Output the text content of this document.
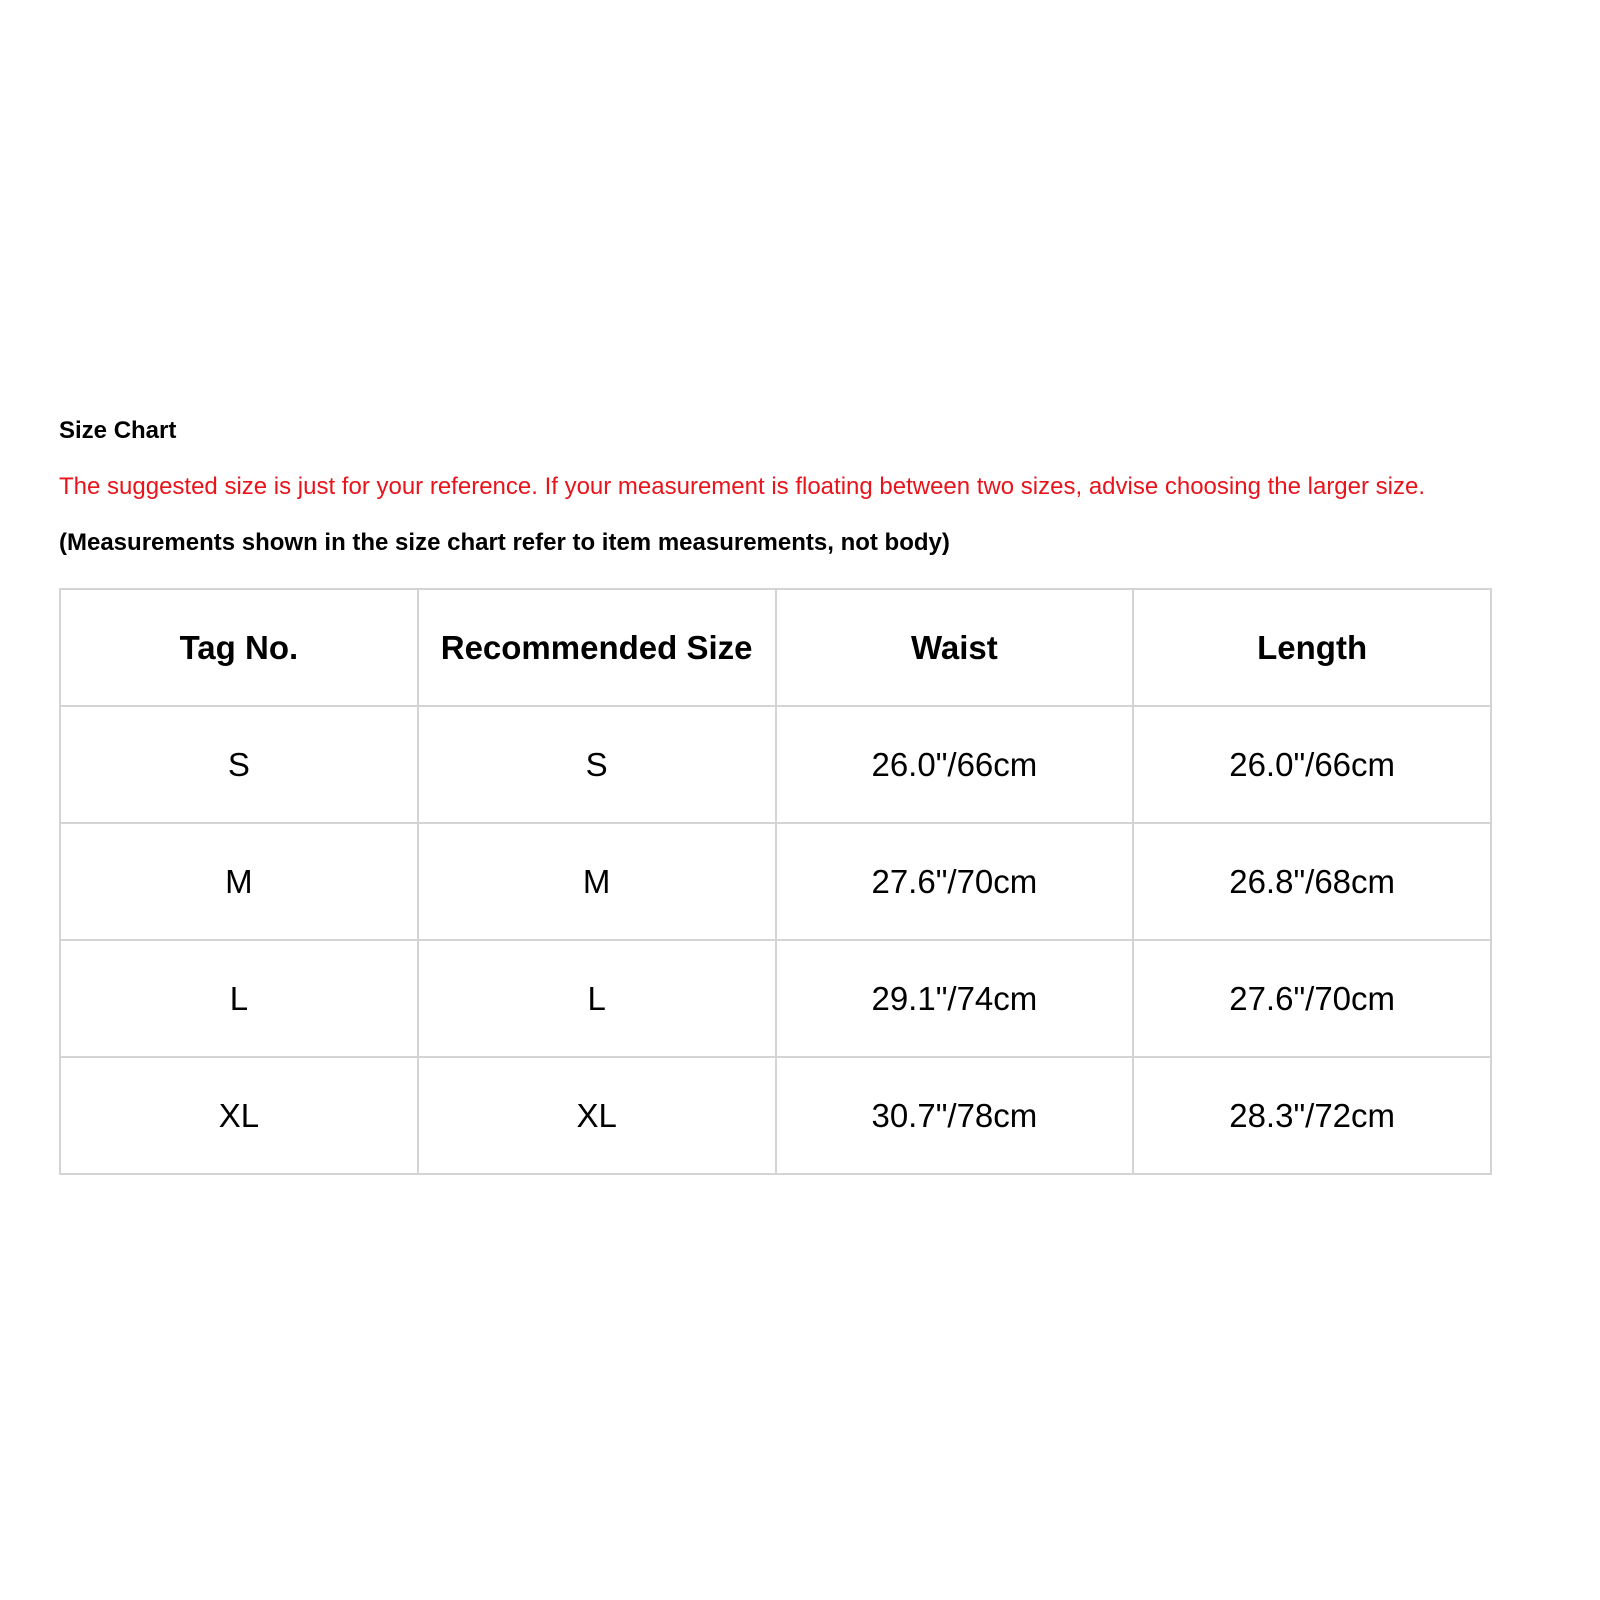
Size Chart
The suggested size is just for your reference. If your measurement is floating between two sizes, advise choosing the larger size.
(Measurements shown in the size chart refer to item measurements, not body)
Tag No.	Recommended Size	Waist	Length
S	S	26.0"/66cm	26.0"/66cm
M	M	27.6"/70cm	26.8"/68cm
L	L	29.1"/74cm	27.6"/70cm
XL	XL	30.7"/78cm	28.3"/72cm
